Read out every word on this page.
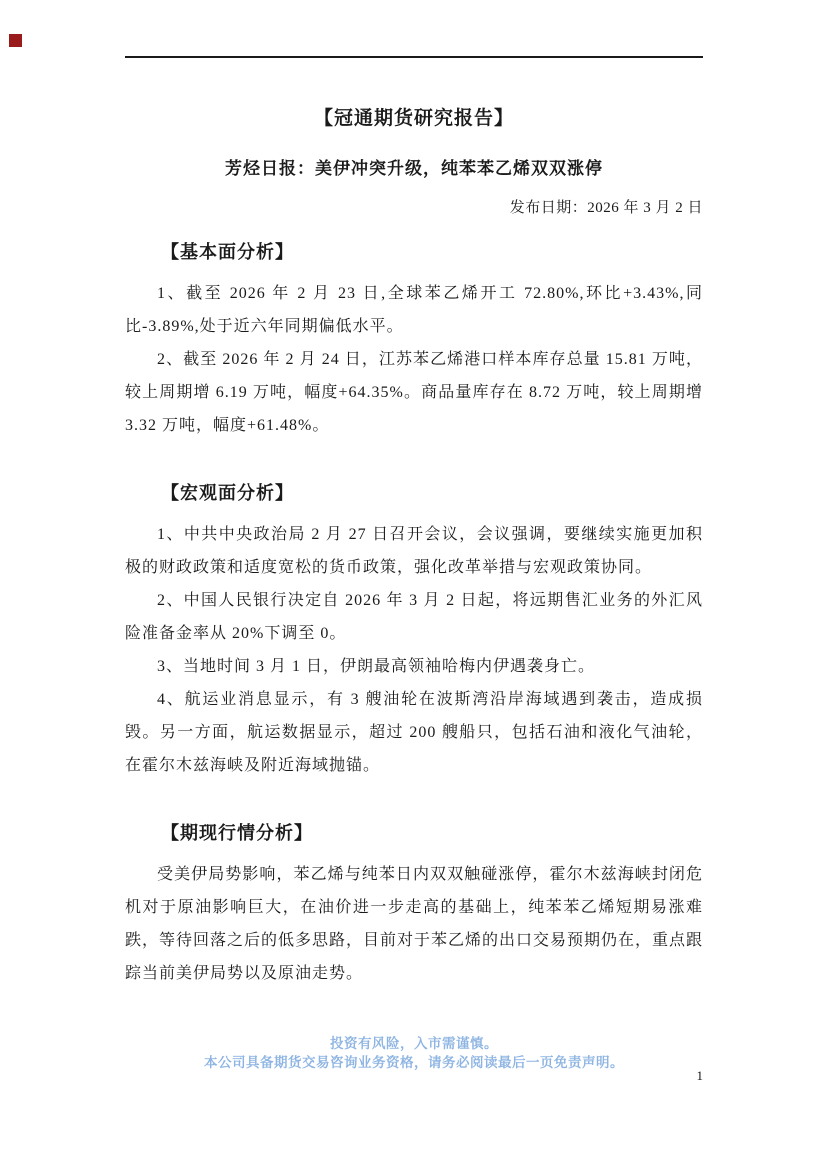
【冠通期货研究报告】
芳烃日报：美伊冲突升级，纯苯苯乙烯双双涨停
发布日期：2026 年 3 月 2 日
【基本面分析】

1、截至 2026 年 2 月 23 日,全球苯乙烯开工 72.80%,环比+3.43%,同比-3.89%,处于近六年同期偏低水平。

2、截至 2026 年 2 月 24 日，江苏苯乙烯港口样本库存总量 15.81 万吨，较上周期增 6.19 万吨，幅度+64.35%。商品量库存在 8.72 万吨，较上周期增 3.32 万吨，幅度+61.48%。

【宏观面分析】

1、中共中央政治局 2 月 27 日召开会议，会议强调，要继续实施更加积极的财政政策和适度宽松的货币政策，强化改革举措与宏观政策协同。

2、中国人民银行决定自 2026 年 3 月 2 日起，将远期售汇业务的外汇风险准备金率从 20%下调至 0。

3、当地时间 3 月 1 日，伊朗最高领袖哈梅内伊遇袭身亡。

4、航运业消息显示，有 3 艘油轮在波斯湾沿岸海域遇到袭击，造成损毁。另一方面，航运数据显示，超过 200 艘船只，包括石油和液化气油轮，在霍尔木兹海峡及附近海域抛锚。

【期现行情分析】

受美伊局势影响，苯乙烯与纯苯日内双双触碰涨停，霍尔木兹海峡封闭危机对于原油影响巨大，在油价进一步走高的基础上，纯苯苯乙烯短期易涨难跌，等待回落之后的低多思路，目前对于苯乙烯的出口交易预期仍在，重点跟踪当前美伊局势以及原油走势。

投资有风险，入市需谨慎。
本公司具备期货交易咨询业务资格，请务必阅读最后一页免责声明。
1
